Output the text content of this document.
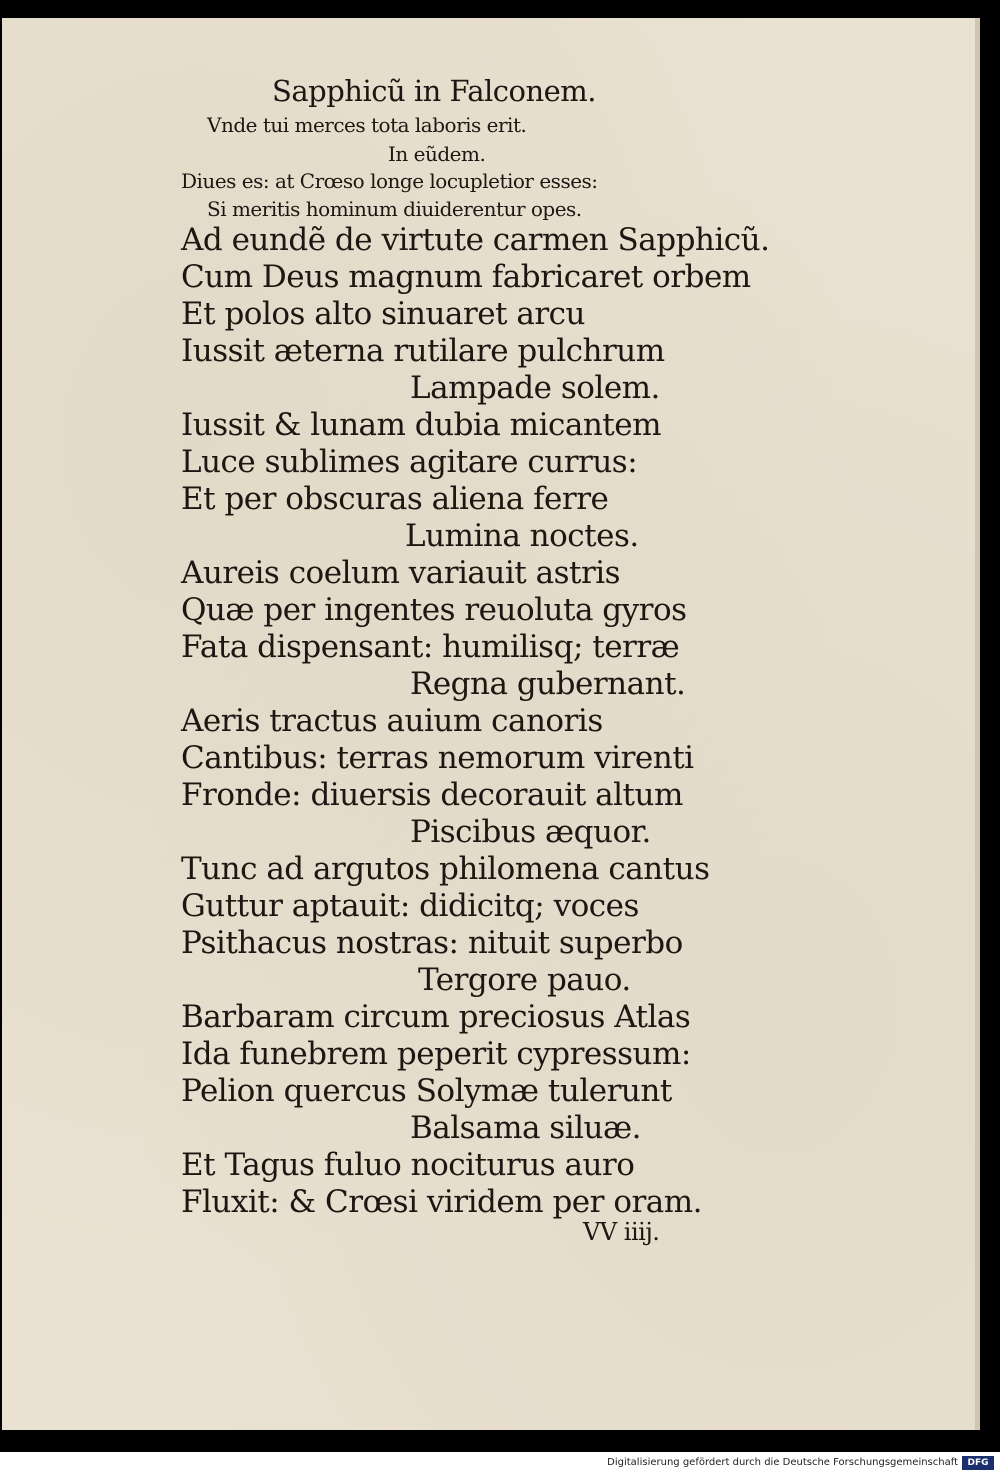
Sapphicũ in Falconem.
Vnde tui merces tota laboris erit.
In eũdem.
Diues es: at Crœso longe locupletior esses:
Si meritis hominum diuiderentur opes.
Ad eundẽ de virtute carmen Sapphicũ.
Cum Deus magnum fabricaret orbem
Et polos alto sinuaret arcu
Iussit æterna rutilare pulchrum
Lampade solem.
Iussit & lunam dubia micantem
Luce sublimes agitare currus:
Et per obscuras aliena ferre
Lumina noctes.
Aureis coelum variauit astris
Quæ per ingentes reuoluta gyros
Fata dispensant: humilisq; terræ
Regna gubernant.
Aeris tractus auium canoris
Cantibus: terras nemorum virenti
Fronde: diuersis decorauit altum
Piscibus æquor.
Tunc ad argutos philomena cantus
Guttur aptauit: didicitq; voces
Psithacus nostras: nituit superbo
Tergore pauo.
Barbaram circum preciosus Atlas
Ida funebrem peperit cypressum:
Pelion quercus Solymæ tulerunt
Balsama siluæ.
Et Tagus fuluo nociturus auro
Fluxit: & Crœsi viridem per oram.
VV iiij.
Digitalisierung gefördert durch die Deutsche Forschungsgemeinschaft	DFG
